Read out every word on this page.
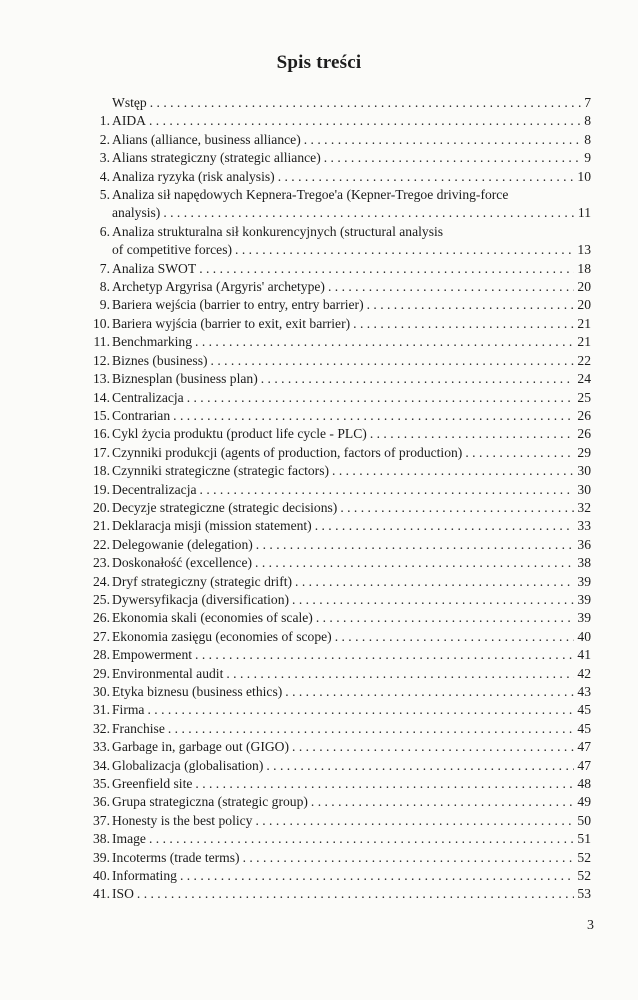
Spis treści
Wstęp . . .	7
1. AIDA . . .	8
2. Alians (alliance, business alliance) . . .	8
3. Alians strategiczny (strategic alliance) . . .	9
4. Analiza ryzyka (risk analysis) . . .	10
5. Analiza sił napędowych Kepnera-Tregoe'a (Kepner-Tregoe driving-force
analysis) . . .	11
6. Analiza strukturalna sił konkurencyjnych (structural analysis
of competitive forces) . . .	13
7. Analiza SWOT . . .	18
8. Archetyp Argyrisa (Argyris' archetype) . . .	20
9. Bariera wejścia (barrier to entry, entry barrier) . . .	20
10. Bariera wyjścia (barrier to exit, exit barrier) . . .	21
11. Benchmarking . . .	21
12. Biznes (business) . . .	22
13. Biznesplan (business plan) . . .	24
14. Centralizacja . . .	25
15. Contrarian . . .	26
16. Cykl życia produktu (product life cycle - PLC) . . .	26
17. Czynniki produkcji (agents of production, factors of production) . . .	29
18. Czynniki strategiczne (strategic factors) . . .	30
19. Decentralizacja . . .	30
20. Decyzje strategiczne (strategic decisions) . . .	32
21. Deklaracja misji (mission statement) . . .	33
22. Delegowanie (delegation) . . .	36
23. Doskonałość (excellence) . . .	38
24. Dryf strategiczny (strategic drift) . . .	39
25. Dywersyfikacja (diversification) . . .	39
26. Ekonomia skali (economies of scale) . . .	39
27. Ekonomia zasięgu (economies of scope) . . .	40
28. Empowerment . . .	41
29. Environmental audit . . .	42
30. Etyka biznesu (business ethics) . . .	43
31. Firma . . .	45
32. Franchise . . .	45
33. Garbage in, garbage out (GIGO) . . .	47
34. Globalizacja (globalisation) . . .	47
35. Greenfield site . . .	48
36. Grupa strategiczna (strategic group) . . .	49
37. Honesty is the best policy . . .	50
38. Image . . .	51
39. Incoterms (trade terms) . . .	52
40. Informating . . .	52
41. ISO . . .	53
3
